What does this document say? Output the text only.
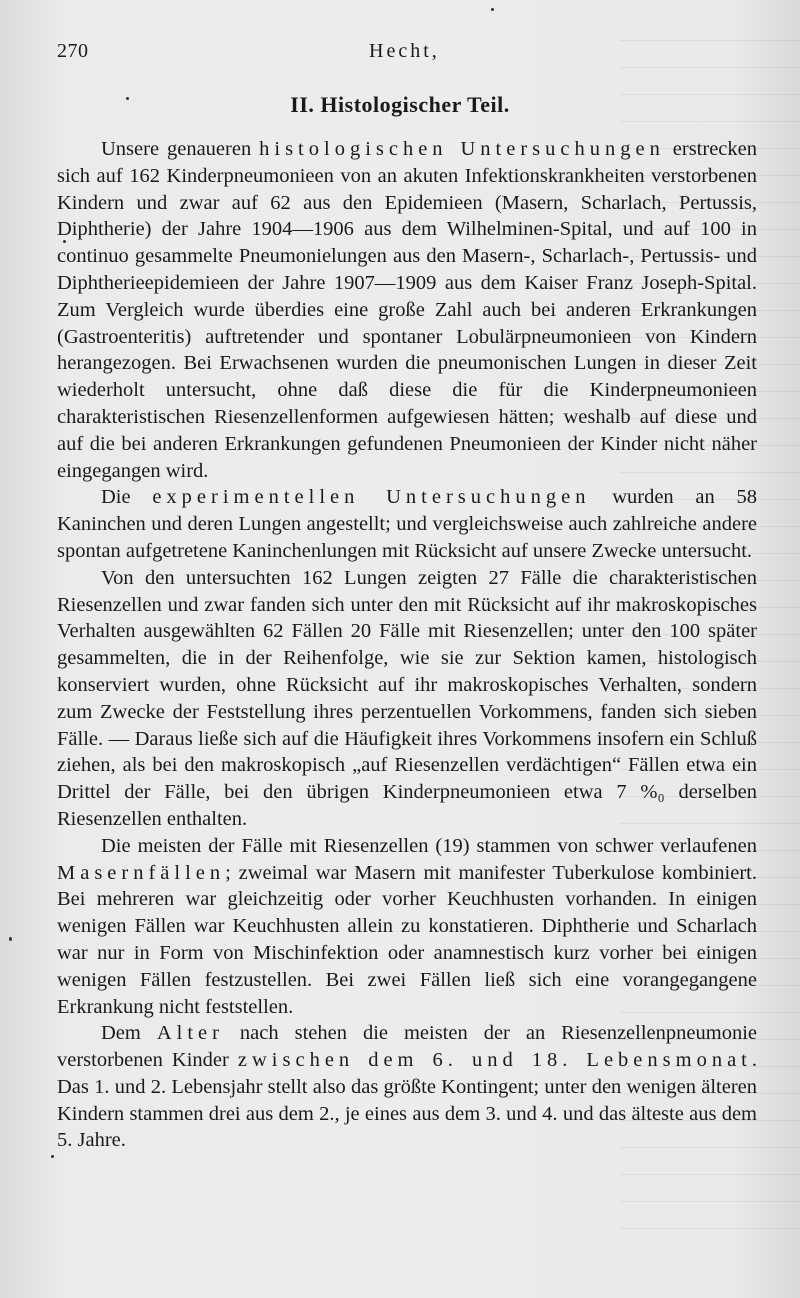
270	Hecht,
II. Histologischer Teil.

Unsere genaueren histologischen Untersuchungen erstrecken sich auf 162 Kinderpneumonieen von an akuten Infektionskrankheiten verstorbenen Kindern und zwar auf 62 aus den Epidemieen (Masern, Scharlach, Pertussis, Diphtherie) der Jahre 1904—1906 aus dem Wilhelminen-Spital, und auf 100 in continuo gesammelte Pneumonielungen aus den Masern-, Scharlach-, Pertussis- und Diphtherieepidemieen der Jahre 1907—1909 aus dem Kaiser Franz Joseph-Spital. Zum Vergleich wurde überdies eine große Zahl auch bei anderen Erkrankungen (Gastroenteritis) auftretender und spontaner Lobulärpneumonieen von Kindern herangezogen. Bei Erwachsenen wurden die pneumonischen Lungen in dieser Zeit wiederholt untersucht, ohne daß diese die für die Kinderpneumonieen charakteristischen Riesenzellenformen aufgewiesen hätten; weshalb auf diese und auf die bei anderen Erkrankungen gefundenen Pneumonieen der Kinder nicht näher eingegangen wird.

Die experimentellen Untersuchungen wurden an 58 Kaninchen und deren Lungen angestellt; und vergleichsweise auch zahlreiche andere spontan aufgetretene Kaninchenlungen mit Rücksicht auf unsere Zwecke untersucht.

Von den untersuchten 162 Lungen zeigten 27 Fälle die charakteristischen Riesenzellen und zwar fanden sich unter den mit Rücksicht auf ihr makroskopisches Verhalten ausgewählten 62 Fällen 20 Fälle mit Riesenzellen; unter den 100 später gesammelten, die in der Reihenfolge, wie sie zur Sektion kamen, histologisch konserviert wurden, ohne Rücksicht auf ihr makroskopisches Verhalten, sondern zum Zwecke der Feststellung ihres perzentuellen Vorkommens, fanden sich sieben Fälle. — Daraus ließe sich auf die Häufigkeit ihres Vorkommens insofern ein Schluß ziehen, als bei den makroskopisch „auf Riesenzellen verdächtigen“ Fällen etwa ein Drittel der Fälle, bei den übrigen Kinderpneumonieen etwa 7 %₀ derselben Riesenzellen enthalten.

Die meisten der Fälle mit Riesenzellen (19) stammen von schwer verlaufenen Masernfällen; zweimal war Masern mit manifester Tuberkulose kombiniert. Bei mehreren war gleichzeitig oder vorher Keuchhusten vorhanden. In einigen wenigen Fällen war Keuchhusten allein zu konstatieren. Diphtherie und Scharlach war nur in Form von Mischinfektion oder anamnestisch kurz vorher bei einigen wenigen Fällen festzustellen. Bei zwei Fällen ließ sich eine vorangegangene Erkrankung nicht feststellen.

Dem Alter nach stehen die meisten der an Riesenzellenpneumonie verstorbenen Kinder zwischen dem 6. und 18. Lebensmonat. Das 1. und 2. Lebensjahr stellt also das größte Kontingent; unter den wenigen älteren Kindern stammen drei aus dem 2., je eines aus dem 3. und 4. und das älteste aus dem 5. Jahre.
